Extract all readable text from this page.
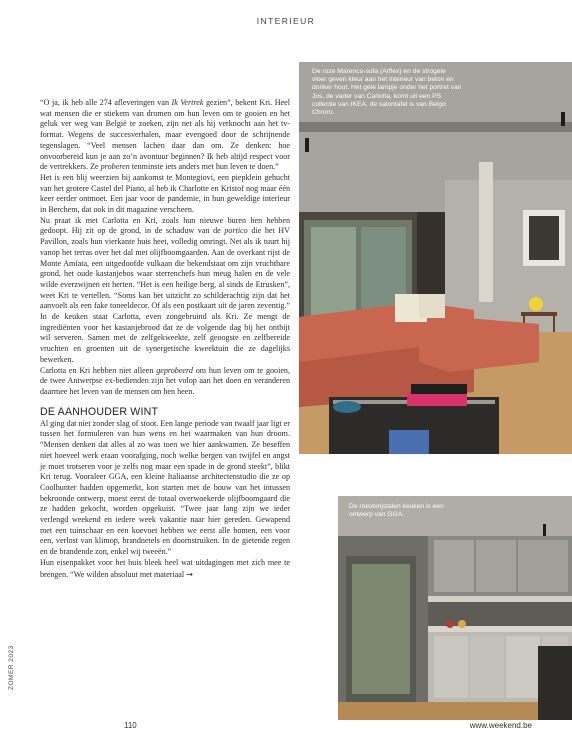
INTERIEUR

“O ja, ik heb alle 274 afleveringen van Ik Vertrek gezien”, bekent Kri. Heel wat mensen die er stiekem van dromen om hun leven om te gooien en het geluk ver weg van België te zoeken, zijn net als hij verknocht aan het tv-format. Wegens de succesverhalen, maar evengoed door de schrijnende tegenslagen. “Veel mensen lachen daar dan om. Ze denken: hoe onvoorbereid kun je aan zo’n avontuur beginnen? Ik heb altijd respect voor de vertrekkers. Ze proberen tenminste iets anders met hun leven te doen.”

Het is een blij weerzien bij aankomst te Montegiovi, een piepklein gehucht van het grotere Castel del Piano, al heb ik Charlotte en Kristof nog maar één keer eerder ontmoet. Een jaar voor de pandemie, in hun geweldige interieur in Berchem, dat ook in dit magazine verscheen.

Nu praat ik met Carlotta en Kri, zoals hun nieuwe buren hen hebben gedoopt. Hij zit op de grond, in de schaduw van de portico die het HV Pavillon, zoals hun vierkante huis heet, volledig omringt. Net als ik tuurt hij vanop het terras over het dal met olijfboomgaarden. Aan de overkant rijst de Monte Amiata, een uitgedoofde vulkaan die bekendstaat om zijn vruchtbare grond, het oude kastanjebos waar sterrenchefs hun meug halen en de vele wilde everzwijnen en herten. “Het is een heilige berg, al sinds de Etrusken”, weet Kri te vertellen. “Soms kan het uitzicht zo schilderachtig zijn dat het aanvoelt als een fake toneeldecor. Of als een postkaart uit de jaren zeventig.” In de keuken staat Carlotta, even zongebruind als Kri. Ze mengt de ingrediënten voor het kastanjebrood dat ze de volgende dag bij het ontbijt wil serveren. Samen met de zelfgekweekte, zelf geoogste en zelfbereide vruchten en groenten uit de synergetische kweektuin die ze dagelijks bewerken.

Carlotta en Kri hebben niet alleen geprobeerd om hun leven om te gooien, de twee Antwerpse ex-bedienden zijn het volop aan het doen en veranderen daarmee het leven van de mensen om hen heen.

DE AANHOUDER WINT

Al ging dat niet zonder slag of stoot. Een lange periode van twaalf jaar ligt er tussen het formuleren van hun wens en het waarmaken van hun droom. “Mensen denken dat alles al zo was toen we hier aankwamen. Ze beseffen niet hoeveel werk eraan voorafging, noch welke bergen van twijfel en angst je moet trotseren voor je zelfs nog maar een spade in de grond steekt”, blikt Kri terug. Vooraleer GGA, een kleine Italiaanse architectenstudio die ze op Coolhunter hadden opgemerkt, kon starten met de bouw van het intussen bekroonde ontwerp, moest eerst de totaal overwoekerde olijfboomgaard die ze hadden gekocht, worden opgekuist. “Twee jaar lang zijn we ieder verlengd weekend en iedere week vakantie naar hier gereden. Gewapend met een tuinschaar en een koevoet hebben we eerst alle bomen, een voor een, verlost van klimop, brandnetels en doornstruiken. In de gietende regen en de brandende zon, enkel wij tweeën.”

Hun eisenpakket voor het huis bleek heel wat uitdagingen met zich mee te brengen. “We wilden absoluut met materiaal →

De roze Marenco-sofa (Arflex) en de strogele vloer geven kleur aan het interieur van beton en donker hout. Het gele lampje onder het portret van Jos, de vader van Carlotta, komt uit een PS collectie van IKEA, de salontafel is van Belgo Chrom.
De roestvrijstalen keuken is een ontwerp van GGA.
ZOMER 2023
110	www.weekend.be
